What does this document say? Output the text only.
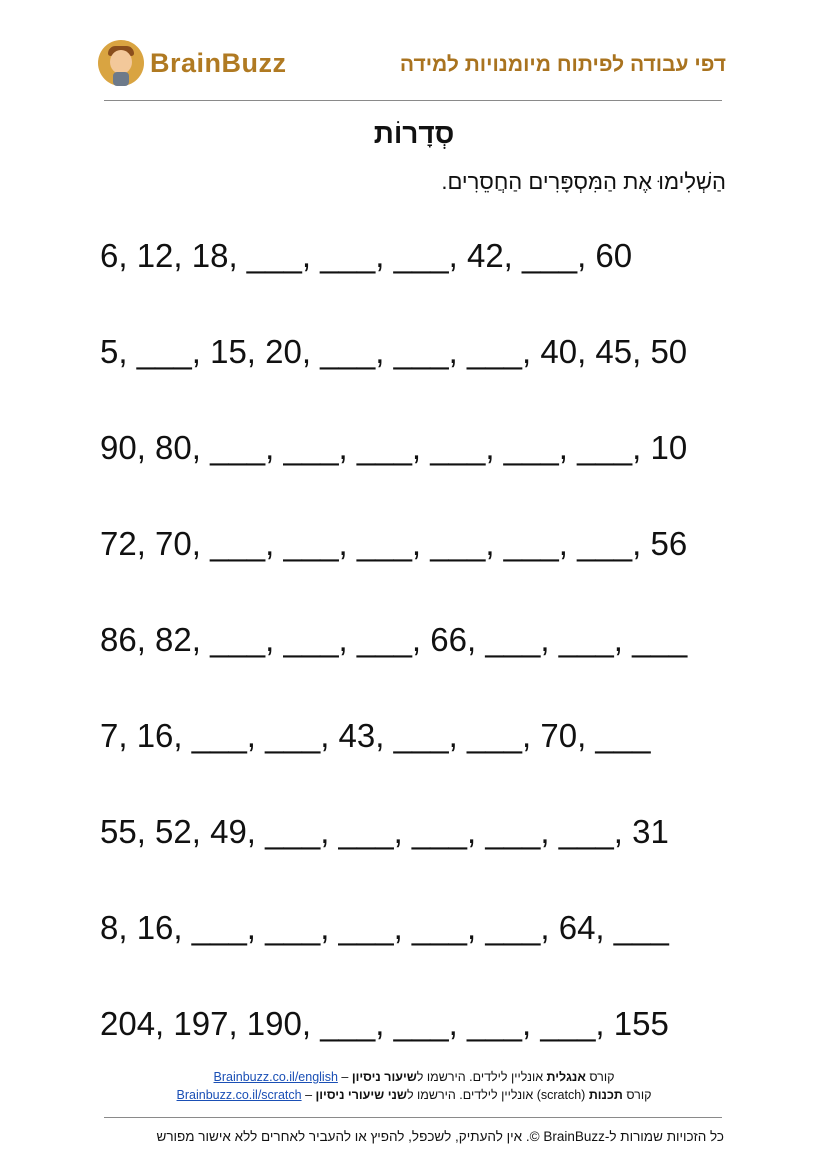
BrainBuzz	דפי עבודה לפיתוח מיומנויות למידה
סְדָרוֹת
הַשְׁלִימוּ אֶת הַמִּסְפָּרִים הַחֲסֵרִים.
6, 12, 18, ___, ___, ___, 42, ___, 60
5, ___, 15, 20, ___, ___, ___, 40, 45, 50
90, 80, ___, ___, ___, ___, ___, ___, 10
72, 70, ___, ___, ___, ___, ___, ___, 56
86, 82, ___, ___, ___, 66, ___, ___, ___
7, 16, ___, ___, 43, ___, ___, 70, ___
55, 52, 49, ___, ___, ___, ___, ___, 31
8, 16, ___, ___, ___, ___, ___, 64, ___
204, 197, 190, ___, ___, ___, ___, 155
קורס אנגלית אונליין לילדים. הירשמו לשיעור ניסיון – Brainbuzz.co.il/english
קורס תכנות (scratch) אונליין לילדים. הירשמו לשני שיעורי ניסיון – Brainbuzz.co.il/scratch
כל הזכויות שמורות ל-BrainBuzz ©. אין להעתיק, לשכפל, להפיץ או להעביר לאחרים ללא אישור מפורש
